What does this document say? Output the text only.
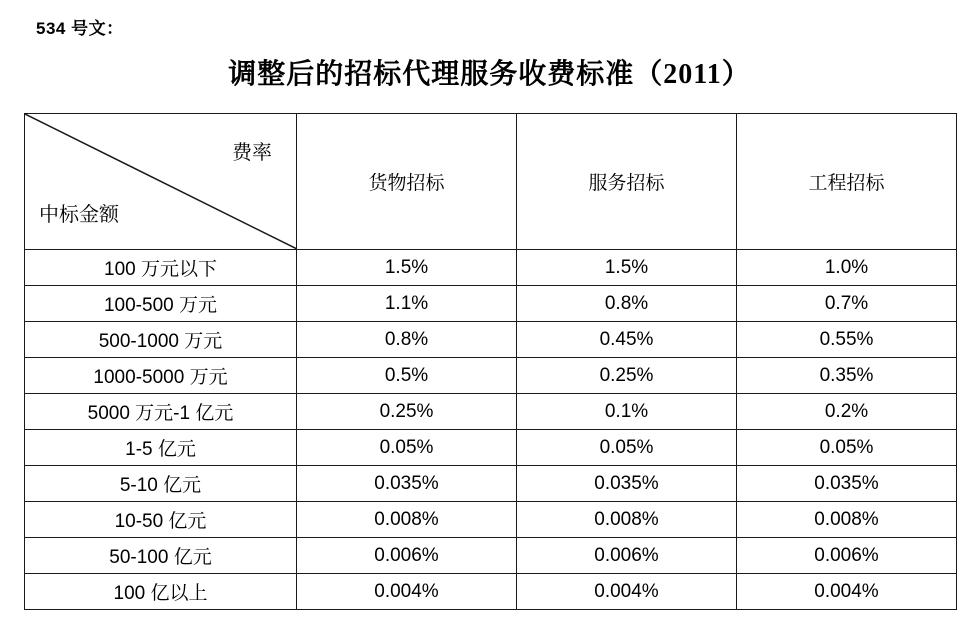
534 号文：
调整后的招标代理服务收费标准（2011）
费率
中标金额	货物招标	服务招标	工程招标
100 万元以下	1.5%	1.5%	1.0%
100-500 万元	1.1%	0.8%	0.7%
500-1000 万元	0.8%	0.45%	0.55%
1000-5000 万元	0.5%	0.25%	0.35%
5000 万元-1 亿元	0.25%	0.1%	0.2%
1-5 亿元	0.05%	0.05%	0.05%
5-10 亿元	0.035%	0.035%	0.035%
10-50 亿元	0.008%	0.008%	0.008%
50-100 亿元	0.006%	0.006%	0.006%
100 亿以上	0.004%	0.004%	0.004%
